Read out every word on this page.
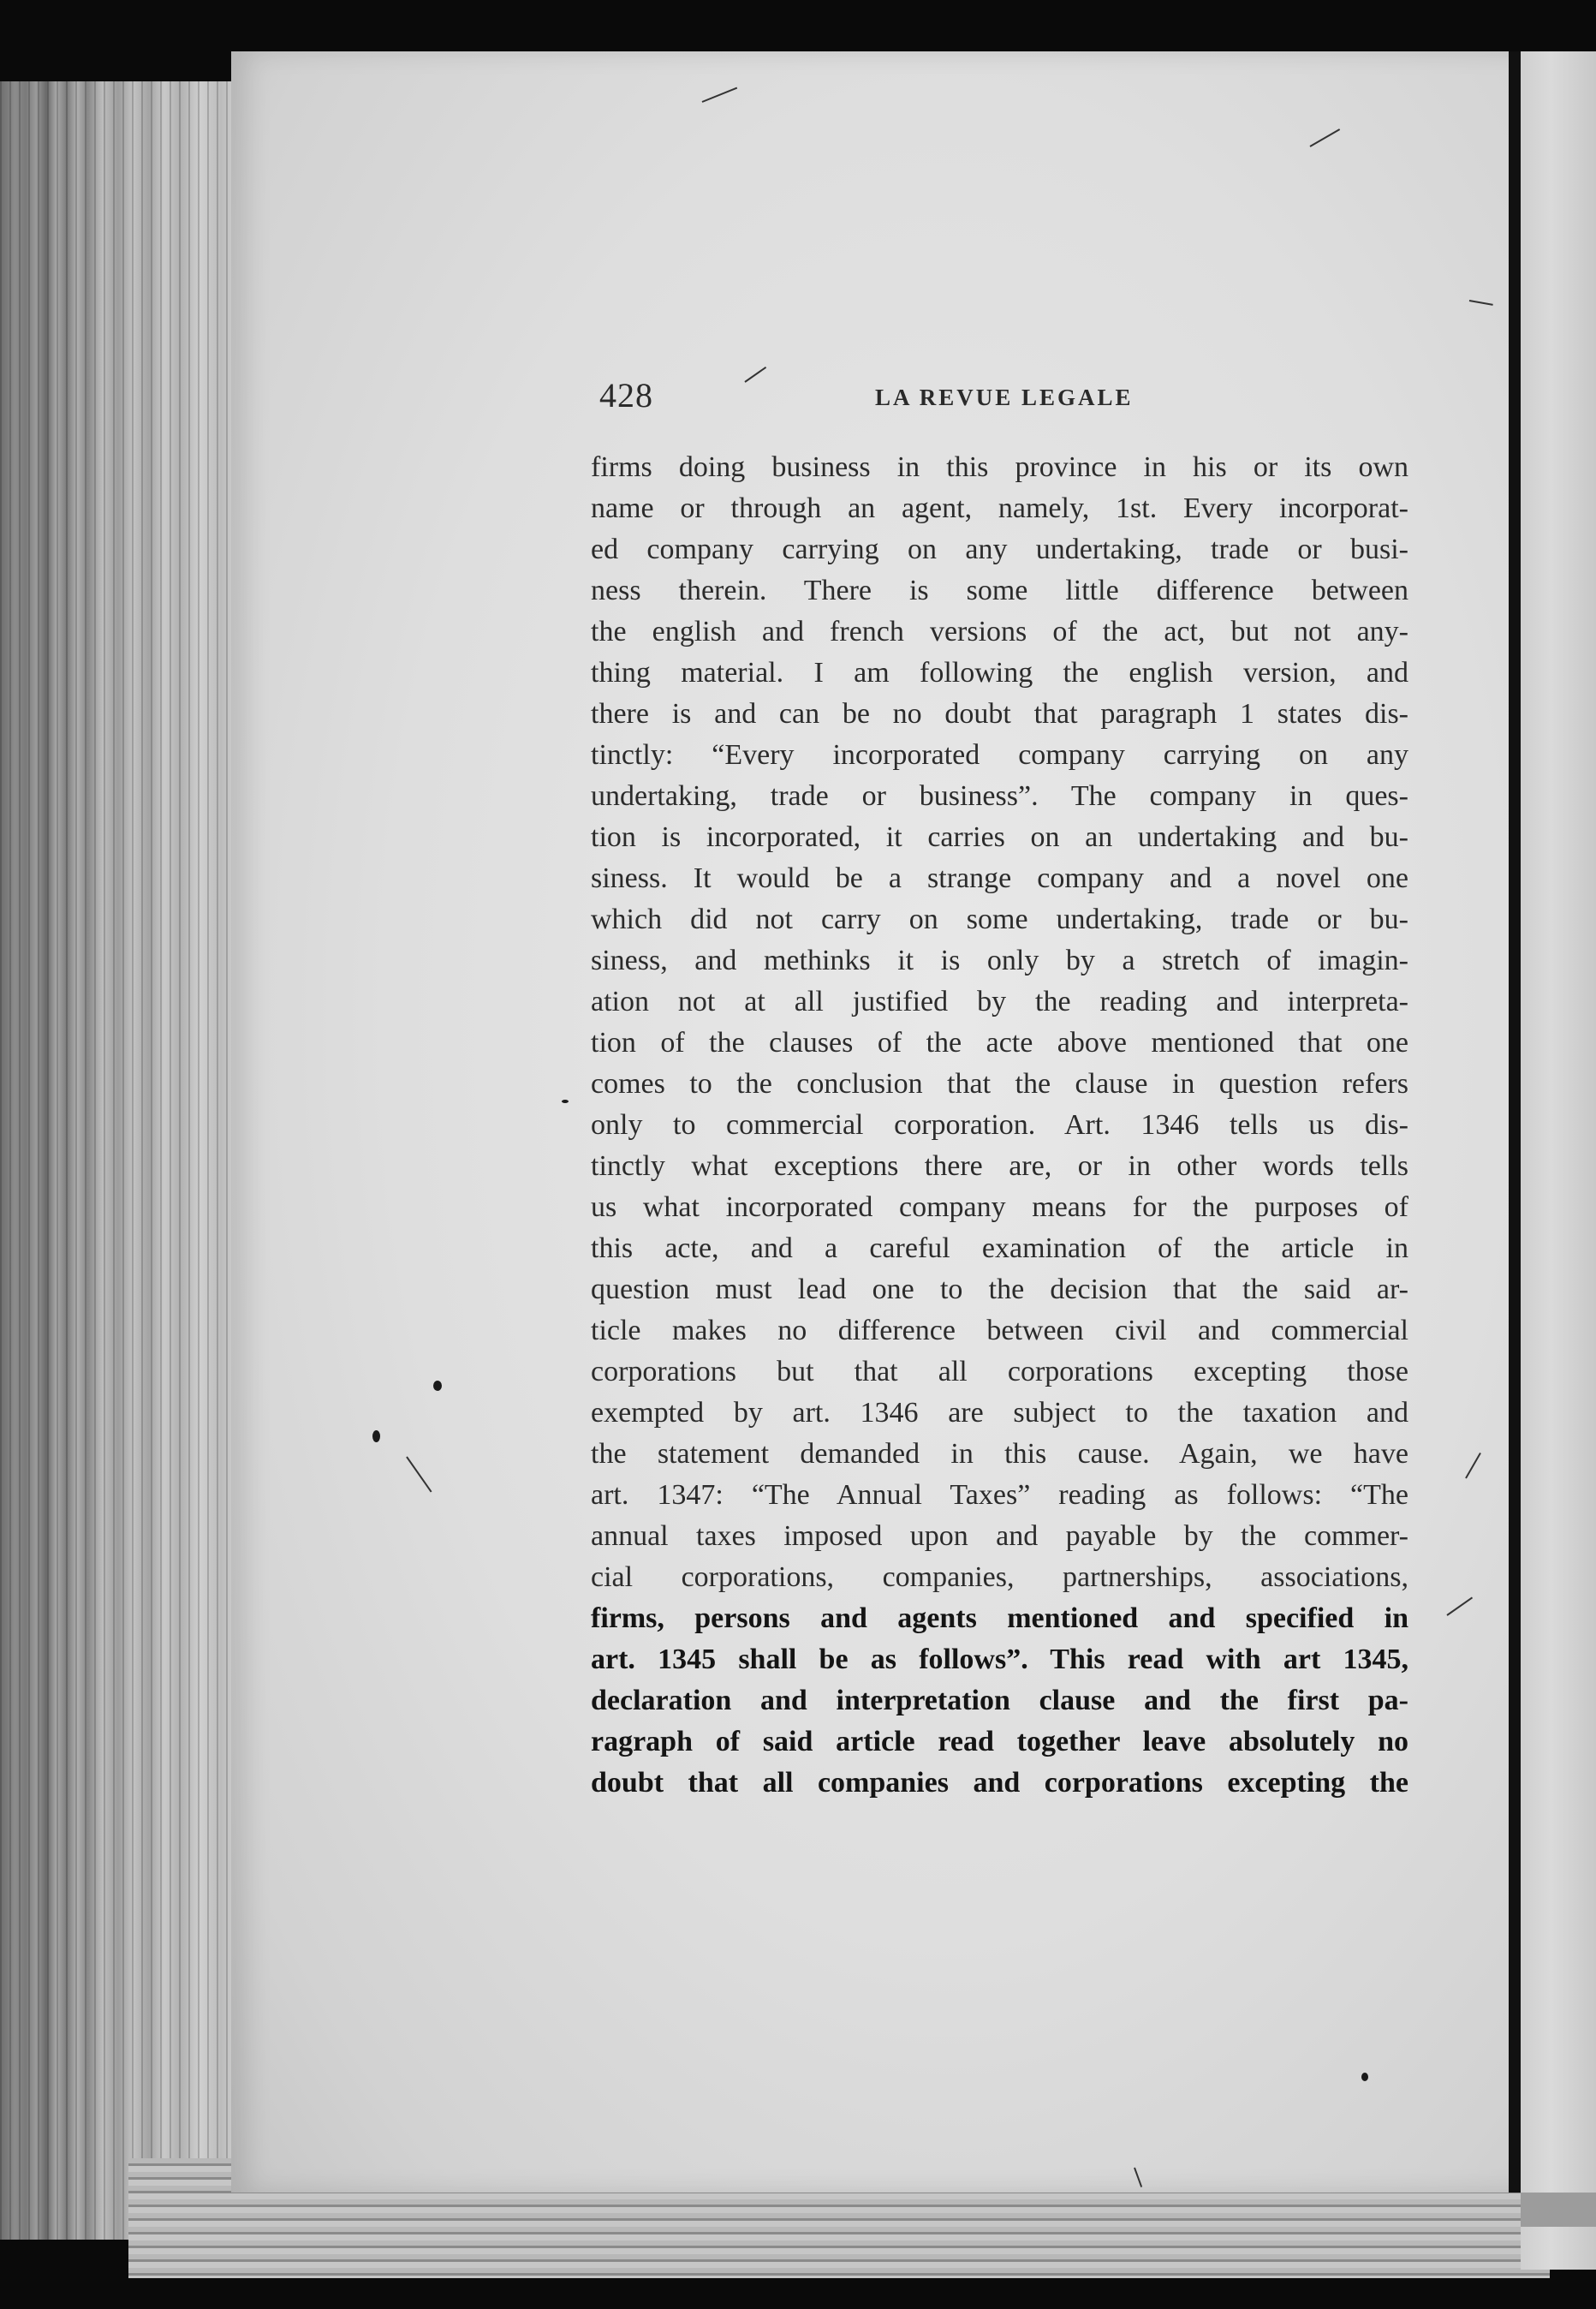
428	LA REVUE LEGALE
firms doing business in this province in his or its own
name or through an agent, namely, 1st. Every incorporat-
ed company carrying on any undertaking, trade or busi-
ness therein. There is some little difference between
the english and french versions of the act, but not any-
thing material. I am following the english version, and
there is and can be no doubt that paragraph 1 states dis-
tinctly: “Every incorporated company carrying on any
undertaking, trade or business”. The company in ques-
tion is incorporated, it carries on an undertaking and bu-
siness. It would be a strange company and a novel one
which did not carry on some undertaking, trade or bu-
siness, and methinks it is only by a stretch of imagin-
ation not at all justified by the reading and interpreta-
tion of the clauses of the acte above mentioned that one
comes to the conclusion that the clause in question refers
only to commercial corporation. Art. 1346 tells us dis-
tinctly what exceptions there are, or in other words tells
us what incorporated company means for the purposes of
this acte, and a careful examination of the article in
question must lead one to the decision that the said ar-
ticle makes no difference between civil and commercial
corporations but that all corporations excepting those
exempted by art. 1346 are subject to the taxation and
the statement demanded in this cause. Again, we have
art. 1347: “The Annual Taxes” reading as follows: “The
annual taxes imposed upon and payable by the commer-
cial corporations, companies, partnerships, associations,
firms, persons and agents mentioned and specified in
art. 1345 shall be as follows”. This read with art 1345,
declaration and interpretation clause and the first pa-
ragraph of said article read together leave absolutely no
doubt that all companies and corporations excepting the
